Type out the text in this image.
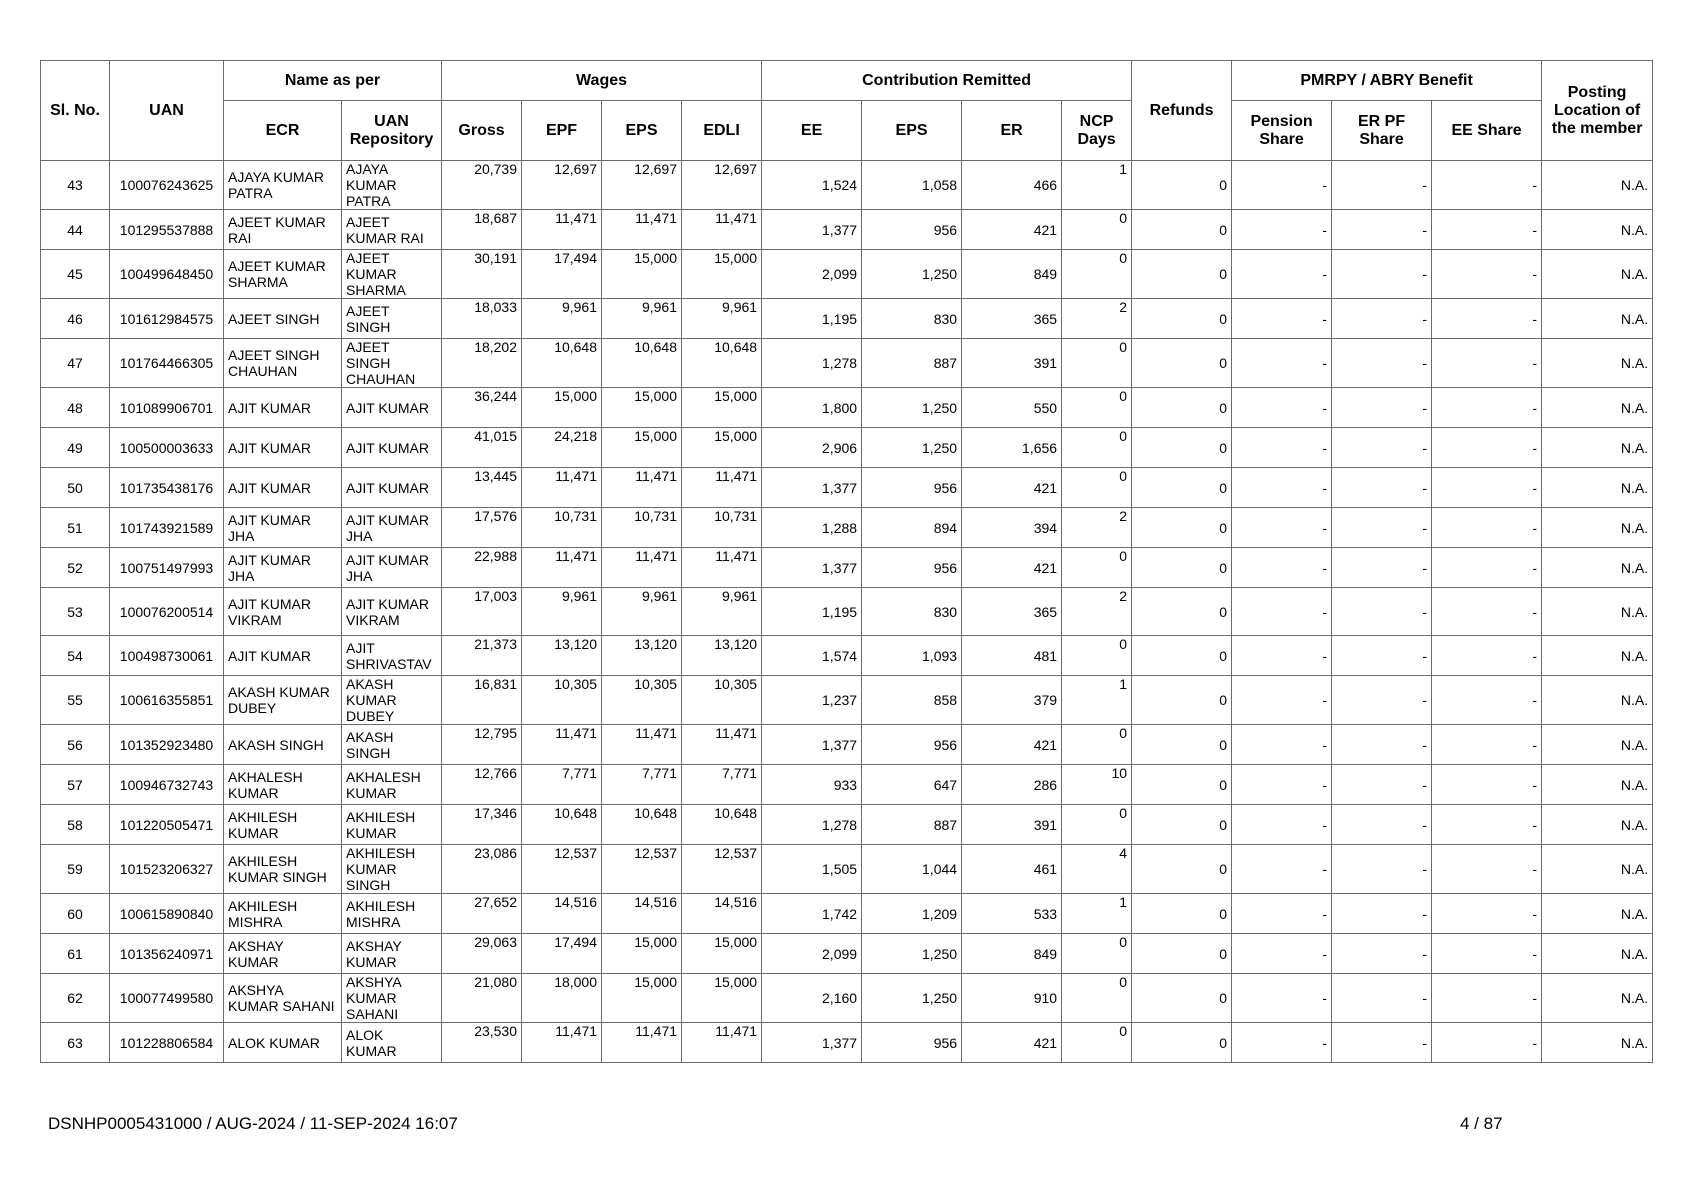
Sl. No.	UAN	Name as per		Wages				Contribution Remitted				Refunds	PMRPY / ABRY Benefit			Posting Location of the member
		ECR	UAN Repository	Gross	EPF	EPS	EDLI	EE	EPS	ER	NCP Days		Pension Share	ER PF Share	EE Share	
43	100076243625	AJAYA KUMAR PATRA	AJAYA KUMAR PATRA	20,739	12,697	12,697	12,697	1,524	1,058	466	1	0	-	-	-	N.A.
44	101295537888	AJEET KUMAR RAI	AJEET KUMAR RAI	18,687	11,471	11,471	11,471	1,377	956	421	0	0	-	-	-	N.A.
45	100499648450	AJEET KUMAR SHARMA	AJEET KUMAR SHARMA	30,191	17,494	15,000	15,000	2,099	1,250	849	0	0	-	-	-	N.A.
46	101612984575	AJEET SINGH	AJEET SINGH	18,033	9,961	9,961	9,961	1,195	830	365	2	0	-	-	-	N.A.
47	101764466305	AJEET SINGH CHAUHAN	AJEET SINGH CHAUHAN	18,202	10,648	10,648	10,648	1,278	887	391	0	0	-	-	-	N.A.
48	101089906701	AJIT KUMAR	AJIT KUMAR	36,244	15,000	15,000	15,000	1,800	1,250	550	0	0	-	-	-	N.A.
49	100500003633	AJIT KUMAR	AJIT KUMAR	41,015	24,218	15,000	15,000	2,906	1,250	1,656	0	0	-	-	-	N.A.
50	101735438176	AJIT KUMAR	AJIT KUMAR	13,445	11,471	11,471	11,471	1,377	956	421	0	0	-	-	-	N.A.
51	101743921589	AJIT KUMAR JHA	AJIT KUMAR JHA	17,576	10,731	10,731	10,731	1,288	894	394	2	0	-	-	-	N.A.
52	100751497993	AJIT KUMAR JHA	AJIT KUMAR JHA	22,988	11,471	11,471	11,471	1,377	956	421	0	0	-	-	-	N.A.
53	100076200514	AJIT KUMAR VIKRAM	AJIT KUMAR VIKRAM	17,003	9,961	9,961	9,961	1,195	830	365	2	0	-	-	-	N.A.
54	100498730061	AJIT KUMAR	AJIT SHRIVASTAV	21,373	13,120	13,120	13,120	1,574	1,093	481	0	0	-	-	-	N.A.
55	100616355851	AKASH KUMAR DUBEY	AKASH KUMAR DUBEY	16,831	10,305	10,305	10,305	1,237	858	379	1	0	-	-	-	N.A.
56	101352923480	AKASH SINGH	AKASH SINGH	12,795	11,471	11,471	11,471	1,377	956	421	0	0	-	-	-	N.A.
57	100946732743	AKHALESH KUMAR	AKHALESH KUMAR	12,766	7,771	7,771	7,771	933	647	286	10	0	-	-	-	N.A.
58	101220505471	AKHILESH KUMAR	AKHILESH KUMAR	17,346	10,648	10,648	10,648	1,278	887	391	0	0	-	-	-	N.A.
59	101523206327	AKHILESH KUMAR SINGH	AKHILESH KUMAR SINGH	23,086	12,537	12,537	12,537	1,505	1,044	461	4	0	-	-	-	N.A.
60	100615890840	AKHILESH MISHRA	AKHILESH MISHRA	27,652	14,516	14,516	14,516	1,742	1,209	533	1	0	-	-	-	N.A.
61	101356240971	AKSHAY KUMAR	AKSHAY KUMAR	29,063	17,494	15,000	15,000	2,099	1,250	849	0	0	-	-	-	N.A.
62	100077499580	AKSHYA KUMAR SAHANI	AKSHYA KUMAR SAHANI	21,080	18,000	15,000	15,000	2,160	1,250	910	0	0	-	-	-	N.A.
63	101228806584	ALOK KUMAR	ALOK KUMAR	23,530	11,471	11,471	11,471	1,377	956	421	0	0	-	-	-	N.A.
DSNHP0005431000 / AUG-2024 / 11-SEP-2024 16:07	4 / 87
